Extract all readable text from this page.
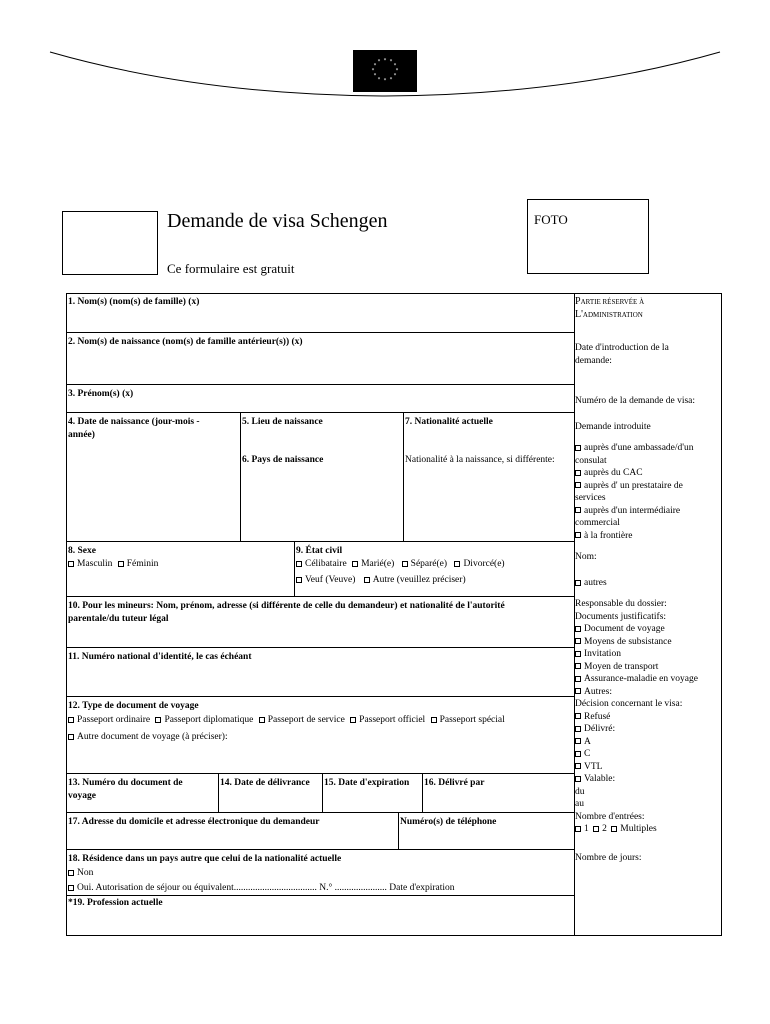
* *
*
*
*
*
*
*
*
*
*
*
Demande de visa Schengen
Ce formulaire est gratuit
FOTO
1. Nom(s) (nom(s) de famille) (x)
2. Nom(s) de naissance (nom(s) de famille antérieur(s)) (x)
3. Prénom(s) (x)
4. Date de naissance (jour-mois -
année)
5. Lieu de naissance
6. Pays de naissance
7. Nationalité actuelle
Nationalité à la naissance, si différente:
8. Sexe
Masculin Féminin
9. État civil
Célibataire Marié(e) Séparé(e) Divorcé(e)
Veuf (Veuve) Autre (veuillez préciser)
10. Pour les mineurs: Nom, prénom, adresse (si différente de celle du demandeur) et nationalité de l'autorité
parentale/du tuteur légal
11. Numéro national d'identité, le cas échéant
12. Type de document de voyage
Passeport ordinaire Passeport diplomatique Passeport de service Passeport officiel Passeport spécial
Autre document de voyage (à préciser):
13. Numéro du document de
voyage
14. Date de délivrance 15. Date d'expiration 16. Délivré par
17. Adresse du domicile et adresse électronique du demandeur	Numéro(s) de téléphone
18. Résidence dans un pays autre que celui de la nationalité actuelle
Non
Oui. Autorisation de séjour ou équivalent................................... N.° ...................... Date d'expiration
*19. Profession actuelle
PARTIE RÉSERVÉE À
L'ADMINISTRATION
Date d'introduction de la
demande:
Numéro de la demande de visa:
Demande introduite
auprès d'une ambassade/d'un
consulat
auprès du CAC
auprès d' un prestataire de
services
auprès d'un intermédiaire
commercial
à la frontière
Nom:
autres
Responsable du dossier:
Documents justificatifs:
Document de voyage
Moyens de subsistance
Invitation
Moyen de transport
Assurance-maladie en voyage
Autres:
Décision concernant le visa:
Refusé
Délivré:
A
C
VTL
Valable:
du
au
Nombre d'entrées:
1 2 Multiples
Nombre de jours:
